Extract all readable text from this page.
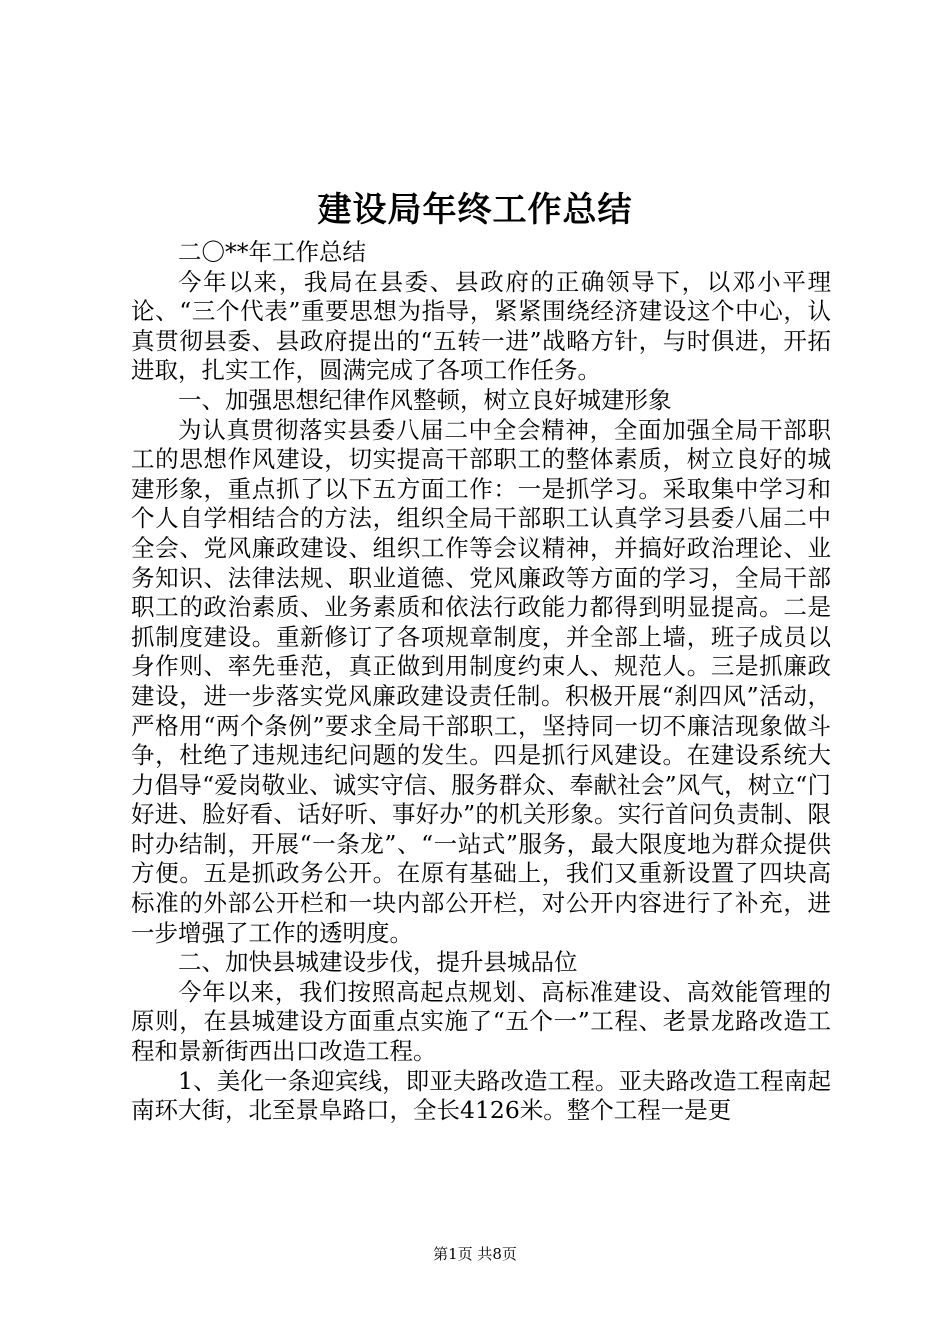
建设局年终工作总结

二〇**年工作总结

今年以来，我局在县委、县政府的正确领导下，以邓小平理论、“三个代表”重要思想为指导，紧紧围绕经济建设这个中心，认真贯彻县委、县政府提出的“五转一进”战略方针，与时俱进，开拓进取，扎实工作，圆满完成了各项工作任务。

一、加强思想纪律作风整顿，树立良好城建形象

为认真贯彻落实县委八届二中全会精神，全面加强全局干部职工的思想作风建设，切实提高干部职工的整体素质，树立良好的城建形象，重点抓了以下五方面工作：一是抓学习。采取集中学习和个人自学相结合的方法，组织全局干部职工认真学习县委八届二中全会、党风廉政建设、组织工作等会议精神，并搞好政治理论、业务知识、法律法规、职业道德、党风廉政等方面的学习，全局干部职工的政治素质、业务素质和依法行政能力都得到明显提高。二是抓制度建设。重新修订了各项规章制度，并全部上墙，班子成员以身作则、率先垂范，真正做到用制度约束人、规范人。三是抓廉政建设，进一步落实党风廉政建设责任制。积极开展“刹四风”活动，严格用“两个条例”要求全局干部职工，坚持同一切不廉洁现象做斗争，杜绝了违规违纪问题的发生。四是抓行风建设。在建设系统大力倡导“爱岗敬业、诚实守信、服务群众、奉献社会”风气，树立“门好进、脸好看、话好听、事好办”的机关形象。实行首问负责制、限时办结制，开展“一条龙”、“一站式”服务，最大限度地为群众提供方便。五是抓政务公开。在原有基础上，我们又重新设置了四块高标准的外部公开栏和一块内部公开栏，对公开内容进行了补充，进一步增强了工作的透明度。

二、加快县城建设步伐，提升县城品位

今年以来，我们按照高起点规划、高标准建设、高效能管理的原则，在县城建设方面重点实施了“五个一”工程、老景龙路改造工程和景新街西出口改造工程。

1、美化一条迎宾线，即亚夫路改造工程。亚夫路改造工程南起南环大街，北至景阜路口，全长4126米。整个工程一是更

第1页 共8页
